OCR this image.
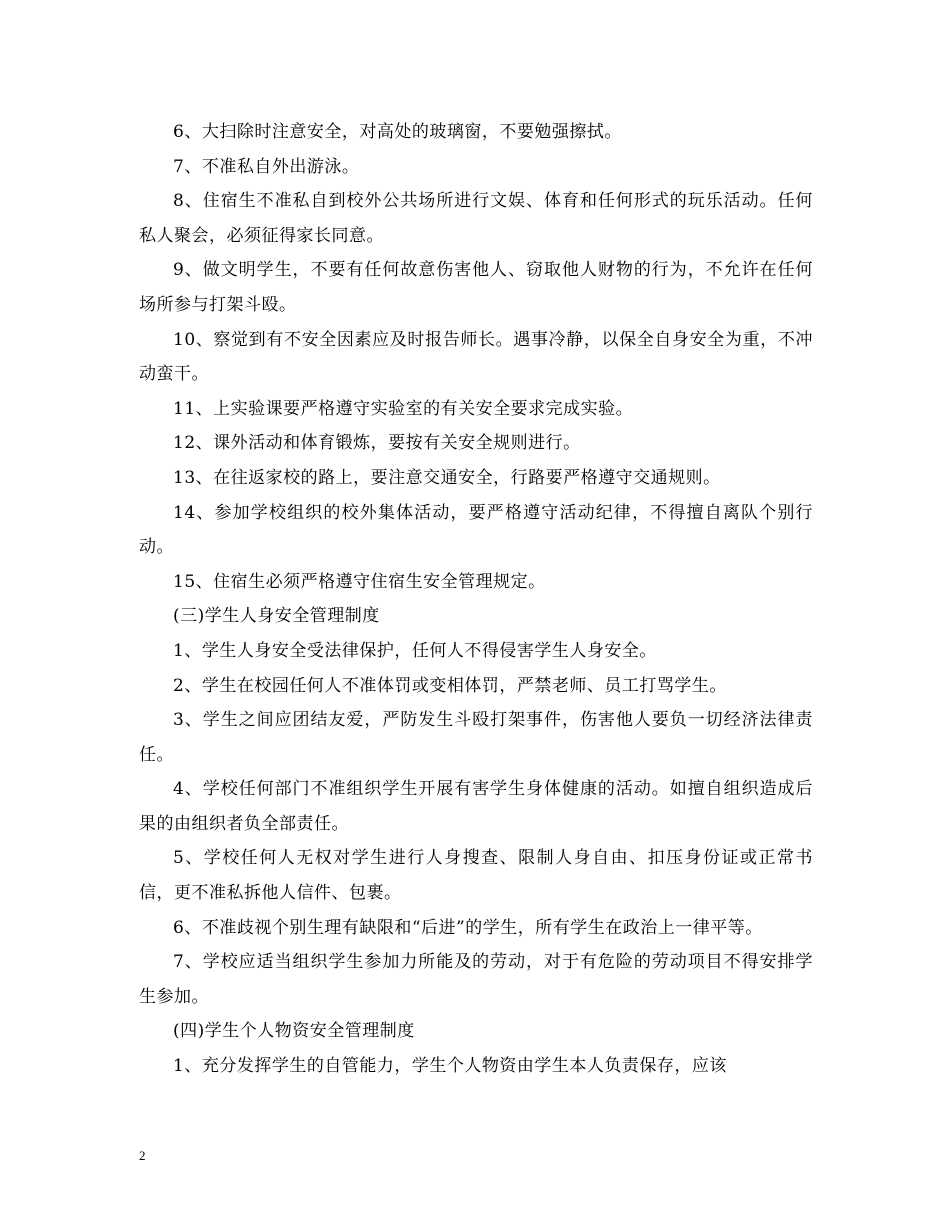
6、大扫除时注意安全，对高处的玻璃窗，不要勉强擦拭。

7、不准私自外出游泳。

8、住宿生不准私自到校外公共场所进行文娱、体育和任何形式的玩乐活动。任何私人聚会，必须征得家长同意。

9、做文明学生，不要有任何故意伤害他人、窃取他人财物的行为，不允许在任何场所参与打架斗殴。

10、察觉到有不安全因素应及时报告师长。遇事冷静，以保全自身安全为重，不冲动蛮干。

11、上实验课要严格遵守实验室的有关安全要求完成实验。

12、课外活动和体育锻炼，要按有关安全规则进行。

13、在往返家校的路上，要注意交通安全，行路要严格遵守交通规则。

14、参加学校组织的校外集体活动，要严格遵守活动纪律，不得擅自离队个别行动。

15、住宿生必须严格遵守住宿生安全管理规定。

(三)学生人身安全管理制度

1、学生人身安全受法律保护，任何人不得侵害学生人身安全。

2、学生在校园任何人不准体罚或变相体罚，严禁老师、员工打骂学生。

3、学生之间应团结友爱，严防发生斗殴打架事件，伤害他人要负一切经济法律责任。

4、学校任何部门不准组织学生开展有害学生身体健康的活动。如擅自组织造成后果的由组织者负全部责任。

5、学校任何人无权对学生进行人身搜查、限制人身自由、扣压身份证或正常书信，更不准私拆他人信件、包裹。

6、不准歧视个别生理有缺限和“后进”的学生，所有学生在政治上一律平等。

7、学校应适当组织学生参加力所能及的劳动，对于有危险的劳动项目不得安排学生参加。

(四)学生个人物资安全管理制度

1、充分发挥学生的自管能力，学生个人物资由学生本人负责保存，应该

2
